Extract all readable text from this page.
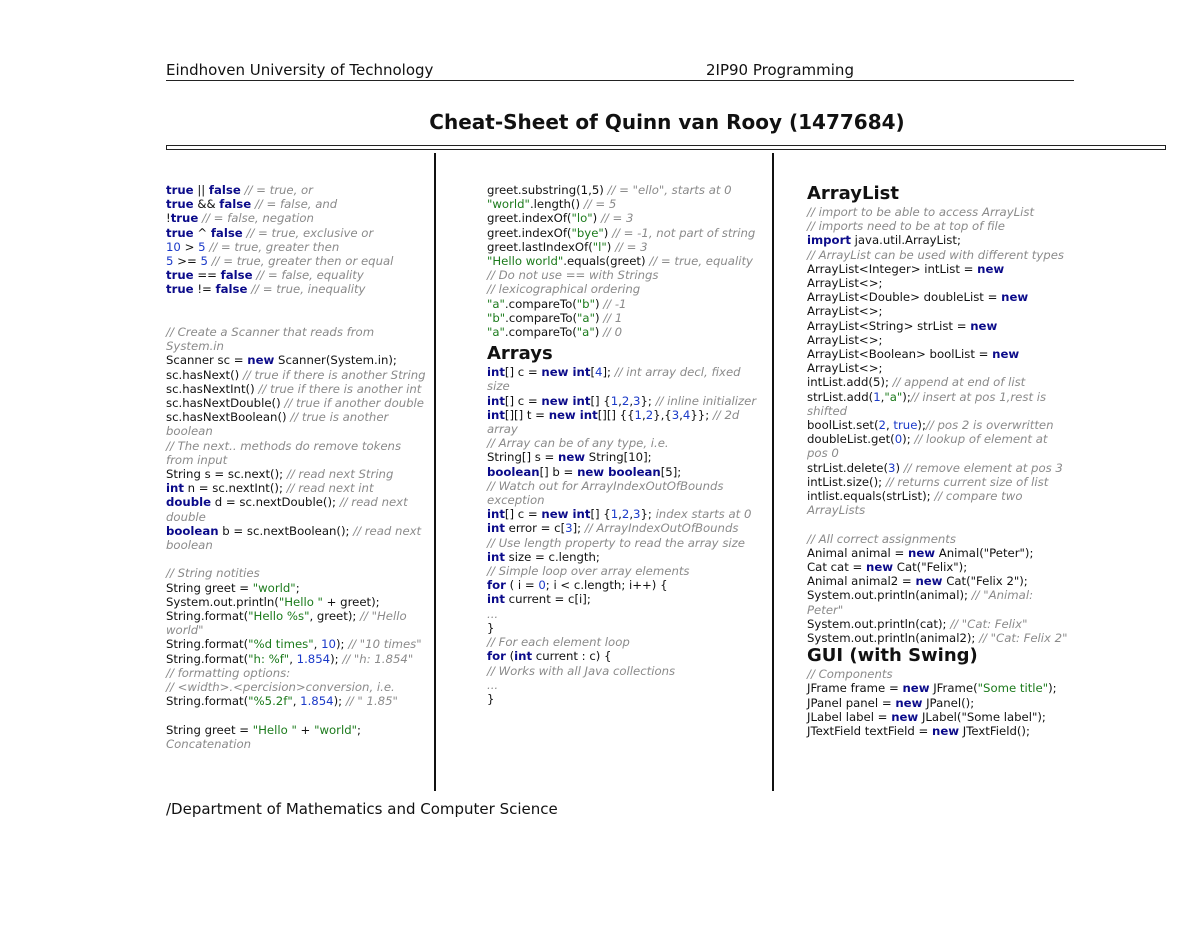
Eindhoven University of Technology	2IP90 Programming
Cheat-Sheet of Quinn van Rooy (1477684)
true || false // = true, or
true && false // = false, and
!true // = false, negation
true ^ false // = true, exclusive or
10 > 5 // = true, greater then
5 >= 5 // = true, greater then or equal
true == false // = false, equality
true != false // = true, inequality
// Create a Scanner that reads from System.in
Scanner sc = new Scanner(System.in);
sc.hasNext() // true if there is another String
sc.hasNextInt() // true if there is another int
sc.hasNextDouble() // true if another double
sc.hasNextBoolean() // true is another boolean
// The next.. methods do remove tokens from input
String s = sc.next(); // read next String
int n = sc.nextInt(); // read next int
double d = sc.nextDouble(); // read next double
boolean b = sc.nextBoolean(); // read next
boolean
// String notities
String greet = "world";
System.out.println("Hello " + greet);
String.format("Hello %s", greet); // "Hello world"
String.format("%d times", 10); // "10 times"
String.format("h: %f", 1.854); // "h: 1.854"
// formatting options:
// <width>.<percision>conversion, i.e.
String.format("%5.2f", 1.854); // " 1.85"
String greet = "Hello " + "world";
Concatenation
greet.substring(1,5) // = "ello", starts at 0
"world".length() // = 5
greet.indexOf("lo") // = 3
greet.indexOf("bye") // = -1, not part of string
greet.lastIndexOf("l") // = 3
"Hello world".equals(greet) // = true, equality
// Do not use == with Strings
// lexicographical ordering
"a".compareTo("b") // -1
"b".compareTo("a") // 1
"a".compareTo("a") // 0
Arrays
int[] c = new int[4]; // int array decl, fixed size
int[] c = new int[] {1,2,3}; // inline initializer
int[][] t = new int[][] {{1,2},{3,4}}; // 2d array
// Array can be of any type, i.e.
String[] s = new String[10];
boolean[] b = new boolean[5];
// Watch out for ArrayIndexOutOfBounds exception
int[] c = new int[] {1,2,3}; index starts at 0
int error = c[3]; // ArrayIndexOutOfBounds
// Use length property to read the array size
int size = c.length;
// Simple loop over array elements
for ( i = 0; i < c.length; i++) {
int current = c[i];
...
}
// For each element loop
for (int current : c) {
// Works with all Java collections
...
}
ArrayList
// import to be able to access ArrayList
// imports need to be at top of file
import java.util.ArrayList;
// ArrayList can be used with different types
ArrayList<Integer> intList = new ArrayList<>;
ArrayList<Double> doubleList = new ArrayList<>;
ArrayList<String> strList = new ArrayList<>;
ArrayList<Boolean> boolList = new ArrayList<>;
intList.add(5); // append at end of list
strList.add(1,"a");// insert at pos 1,rest is shifted
boolList.set(2, true);// pos 2 is overwritten
doubleList.get(0); // lookup of element at pos 0
strList.delete(3) // remove element at pos 3
intList.size(); // returns current size of list
intlist.equals(strList); // compare two ArrayLists
// All correct assignments
Animal animal = new Animal("Peter");
Cat cat = new Cat("Felix");
Animal animal2 = new Cat("Felix 2");
System.out.println(animal); // "Animal: Peter"
System.out.println(cat); // "Cat: Felix"
System.out.println(animal2); // "Cat: Felix 2"
GUI (with Swing)
// Components
JFrame frame = new JFrame("Some title");
JPanel panel = new JPanel();
JLabel label = new JLabel("Some label");
JTextField textField = new JTextField();
/Department of Mathematics and Computer Science
